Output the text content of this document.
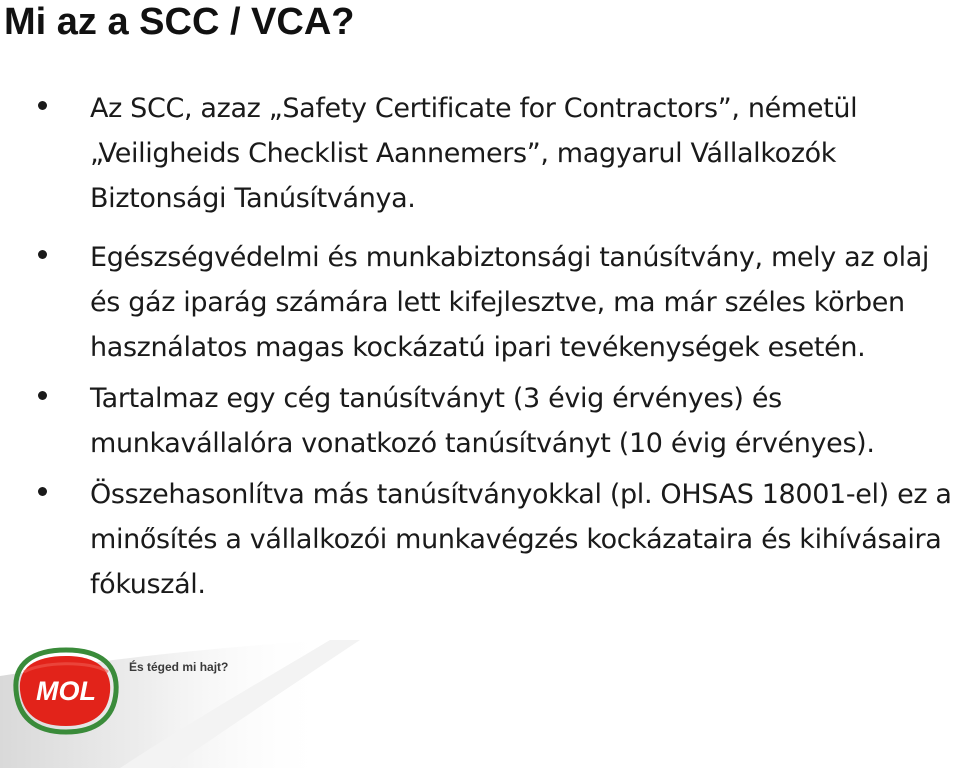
Mi az a SCC / VCA?
Az SCC, azaz „Safety Certificate for Contractors”, németül „Veiligheids Checklist Aannemers”, magyarul Vállalkozók Biztonsági Tanúsítványa.
Egészségvédelmi és munkabiztonsági tanúsítvány, mely az olaj és gáz iparág számára lett kifejlesztve, ma már széles körben használatos magas kockázatú ipari tevékenységek esetén.
Tartalmaz egy cég tanúsítványt (3 évig érvényes) és munkavállalóra vonatkozó tanúsítványt (10 évig érvényes).
Összehasonlítva más tanúsítványokkal (pl. OHSAS 18001-el) ez a minősítés a vállalkozói munkavégzés kockázataira és kihívásaira fókuszál.
MOL
És téged mi hajt?
